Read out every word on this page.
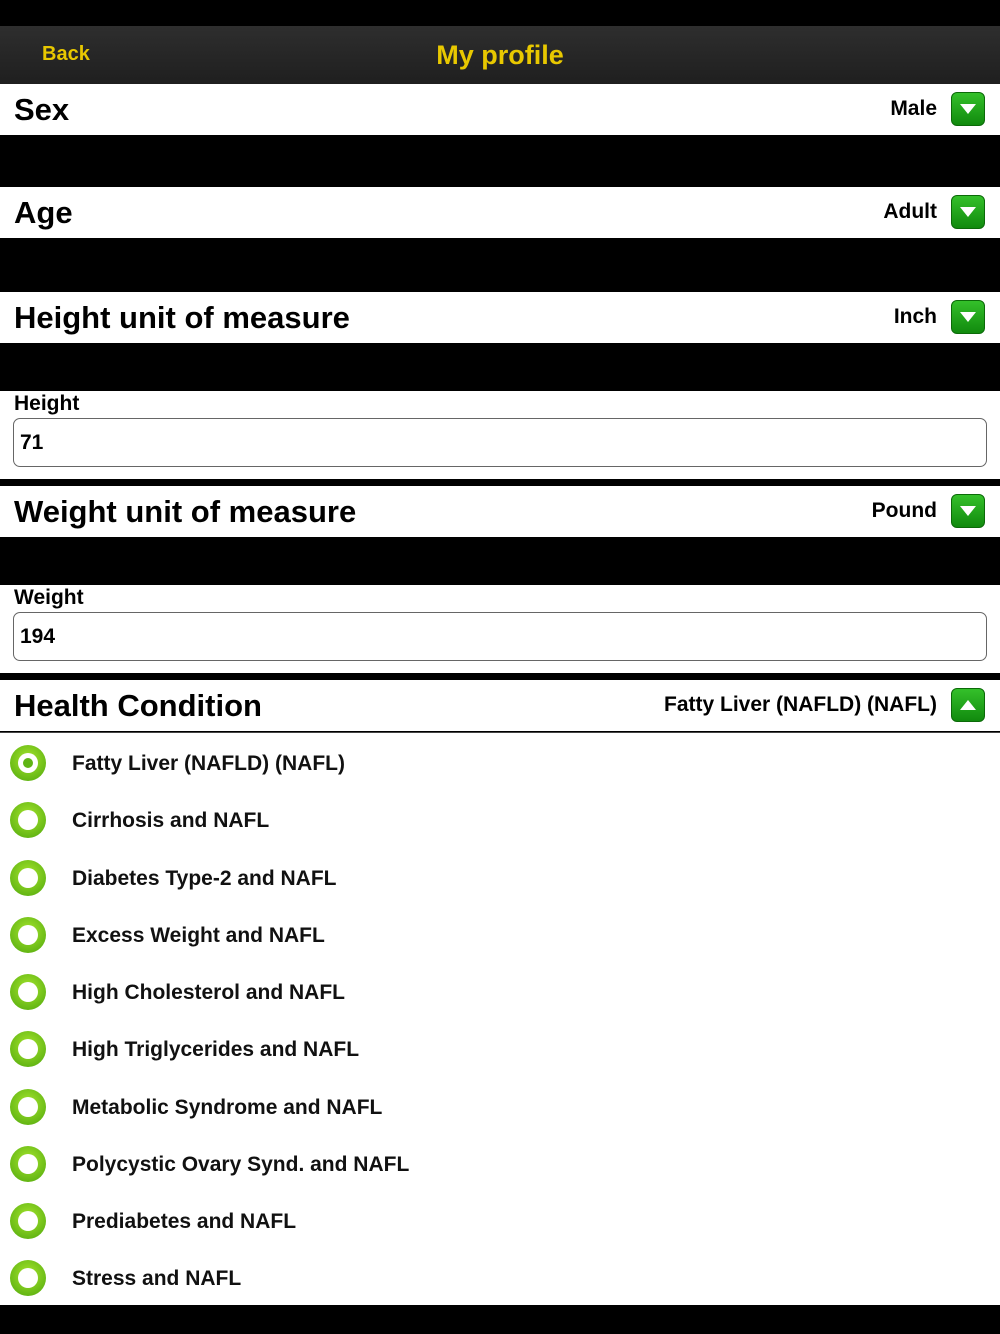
Back	My profile
Sex	Male
Age	Adult
Height unit of measure	Inch
Height
71
Weight unit of measure	Pound
Weight
194
Health Condition	Fatty Liver (NAFLD) (NAFL)
Fatty Liver (NAFLD) (NAFL)
Cirrhosis and NAFL
Diabetes Type-2 and NAFL
Excess Weight and NAFL
High Cholesterol and NAFL
High Triglycerides and NAFL
Metabolic Syndrome and NAFL
Polycystic Ovary Synd. and NAFL
Prediabetes and NAFL
Stress and NAFL
